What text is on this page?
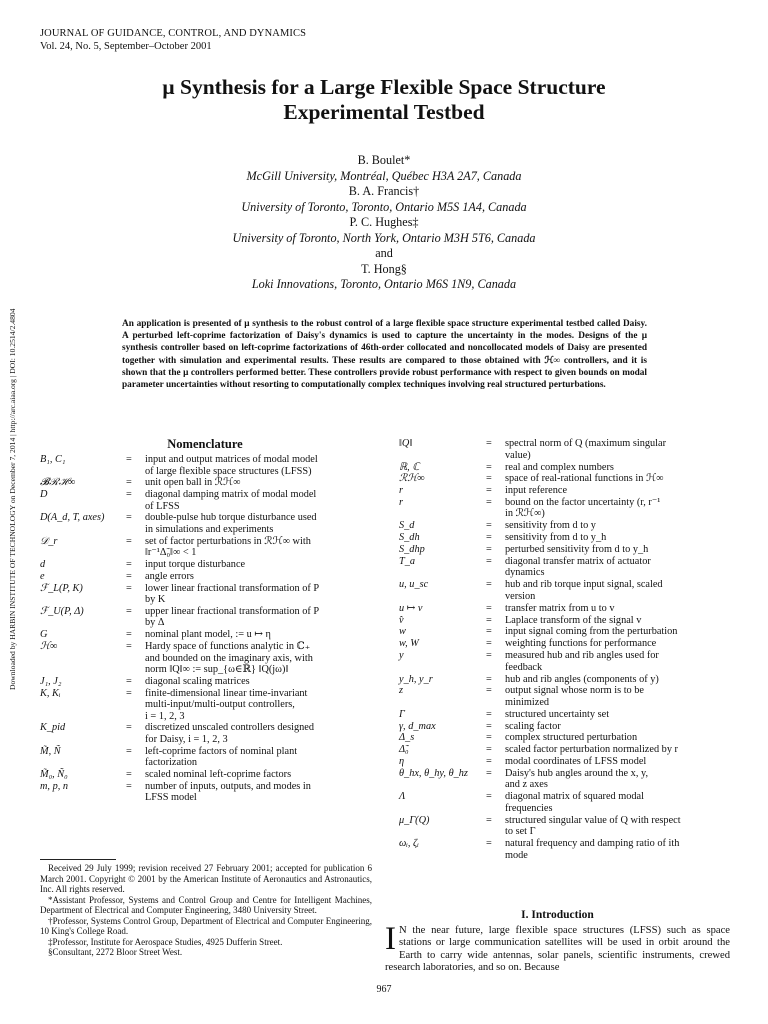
JOURNAL OF GUIDANCE, CONTROL, AND DYNAMICS
Vol. 24, No. 5, September–October 2001
μ Synthesis for a Large Flexible Space Structure
Experimental Testbed
B. Boulet*
McGill University, Montréal, Québec H3A 2A7, Canada
B. A. Francis†
University of Toronto, Toronto, Ontario M5S 1A4, Canada
P. C. Hughes‡
University of Toronto, North York, Ontario M3H 5T6, Canada
and
T. Hong§
Loki Innovations, Toronto, Ontario M6S 1N9, Canada
Downloaded by HARBIN INSTITUTE OF TECHNOLOGY on December 7, 2014 | http://arc.aiaa.org | DOI: 10.2514/2.4804	An application is presented of μ synthesis to the robust control of a large flexible space structure experimental testbed called Daisy. A perturbed left-coprime factorization of Daisy's dynamics is used to capture the uncertainty in the modes. Designs of the μ synthesis controller based on left-coprime factorizations of 46th-order collocated and noncollocated models of Daisy are presented together with simulation and experimental results. These results are compared to those obtained with ℋ∞ controllers, and it is shown that the μ controllers performed better. These controllers provide robust performance with respect to given bounds on modal parameter uncertainties without resorting to computationally complex techniques involving real structured perturbations.
Nomenclature
B₁, C₁	= input and output matrices of modal model
of large flexible space structures (LFSS)
𝓑ℛℋ∞	= unit open ball in ℛℋ∞
D	= diagonal damping matrix of modal model
of LFSS
D(A_d, T, axes) = double-pulse hub torque disturbance used
in simulations and experiments
𝒟_r	= set of factor perturbations in ℛℋ∞ with
‖r⁻¹Δ̃₀‖∞ < 1
d	= input torque disturbance
e	= angle errors
ℱ_L(P, K)	= lower linear fractional transformation of P
by K
ℱ_U(P, Δ)	= upper linear fractional transformation of P
by Δ
G	= nominal plant model, := u ↦ η
ℋ∞	= Hardy space of functions analytic in ℂ₊
and bounded on the imaginary axis, with
norm ‖Q‖∞ := sup_{ω∈ℝ} ‖Q(jω)‖
J₁, J₂	= diagonal scaling matrices
K, Kᵢ	= finite-dimensional linear time-invariant
multi-input/multi-output controllers,
i = 1, 2, 3
K_pid	= discretized unscaled controllers designed
for Daisy, i = 1, 2, 3
M̃, Ñ	= left-coprime factors of nominal plant
factorization
M̃₀, Ñ₀	= scaled nominal left-coprime factors
m, p, n	= number of inputs, outputs, and modes in
LFSS model
‖Q‖	= spectral norm of Q (maximum singular
value)
ℝ, ℂ	= real and complex numbers
ℛℋ∞	= space of real-rational functions in ℋ∞
r	= input reference
r	= bound on the factor uncertainty (r, r⁻¹
in ℛℋ∞)
S_d	= sensitivity from d to y
S_dh	= sensitivity from d to y_h
S_dhp	= perturbed sensitivity from d to y_h
T_a	= diagonal transfer matrix of actuator
dynamics
u, u_sc	= hub and rib torque input signal, scaled
version
u ↦ v	= transfer matrix from u to v
v̂	= Laplace transform of the signal v
w	= input signal coming from the perturbation
w, W	= weighting functions for performance
y	= measured hub and rib angles used for
feedback
y_h, y_r	= hub and rib angles (components of y)
z	= output signal whose norm is to be
minimized
Γ	= structured uncertainty set
γ, d_max	= scaling factor
Δ_s	= complex structured perturbation
Δ̃₀	= scaled factor perturbation normalized by r
η	= modal coordinates of LFSS model
θ_hx, θ_hy, θ_hz = Daisy's hub angles around the x, y,
and z axes
Λ	= diagonal matrix of squared modal
frequencies
μ_Γ(Q)	= structured singular value of Q with respect
to set Γ
ωᵢ, ζᵢ	= natural frequency and damping ratio of ith
mode

Received 29 July 1999; revision received 27 February 2001; accepted for publication 6 March 2001. Copyright © 2001 by the American Institute of Aeronautics and Astronautics, Inc. All rights reserved.

*Assistant Professor, Systems and Control Group and Centre for Intelligent Machines, Department of Electrical and Computer Engineering, 3480 University Street.

†Professor, Systems Control Group, Department of Electrical and Computer Engineering, 10 King's College Road.

‡Professor, Institute for Aerospace Studies, 4925 Dufferin Street.

§Consultant, 2272 Bloor Street West.

I. Introduction
I N the near future, large flexible space structures (LFSS) such as space stations or large communication satellites will be used in orbit around the Earth to carry wide antennas, solar panels, scientific instruments, crewed research laboratories, and so on. Because
967
